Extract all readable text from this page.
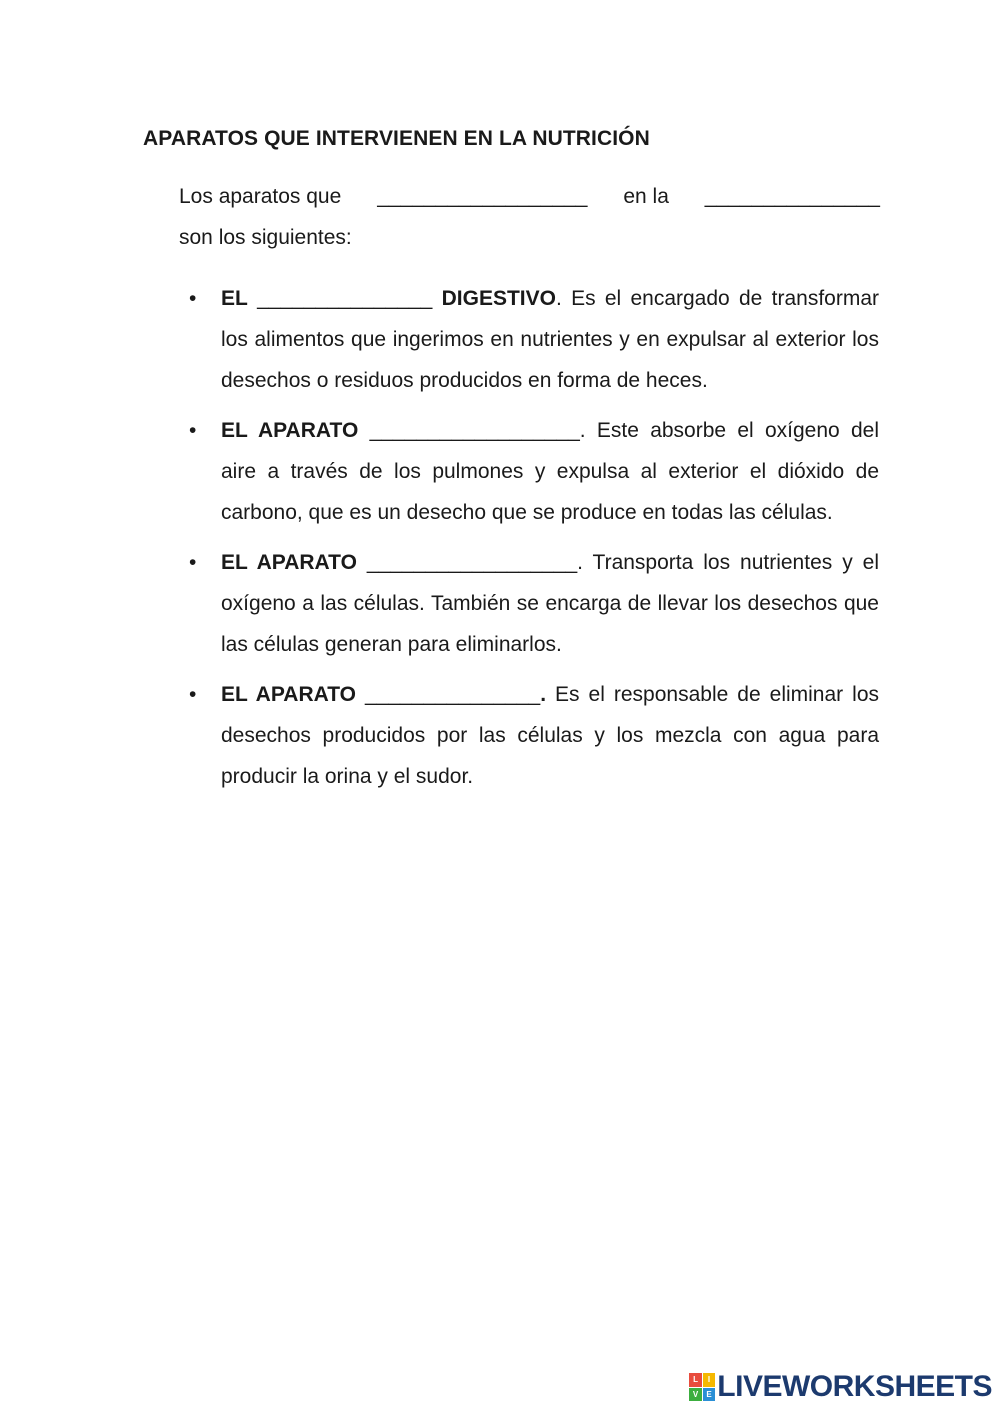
APARATOS QUE INTERVIENEN EN LA NUTRICIÓN
Los aparatos que __________________ en la _______________
son los siguientes:
• EL _______________ DIGESTIVO. Es el encargado de transformar los alimentos que ingerimos en nutrientes y en expulsar al exterior los desechos o residuos producidos en forma de heces.
• EL APARATO __________________. Este absorbe el oxígeno del aire a través de los pulmones y expulsa al exterior el dióxido de carbono, que es un desecho que se produce en todas las células.
• EL APARATO __________________. Transporta los nutrientes y el oxígeno a las células. También se encarga de llevar los desechos que las células generan para eliminarlos.
• EL APARATO _______________. Es el responsable de eliminar los desechos producidos por las células y los mezcla con agua para producir la orina y el sudor.
L	I
V	E LIVEWORKSHEETS
